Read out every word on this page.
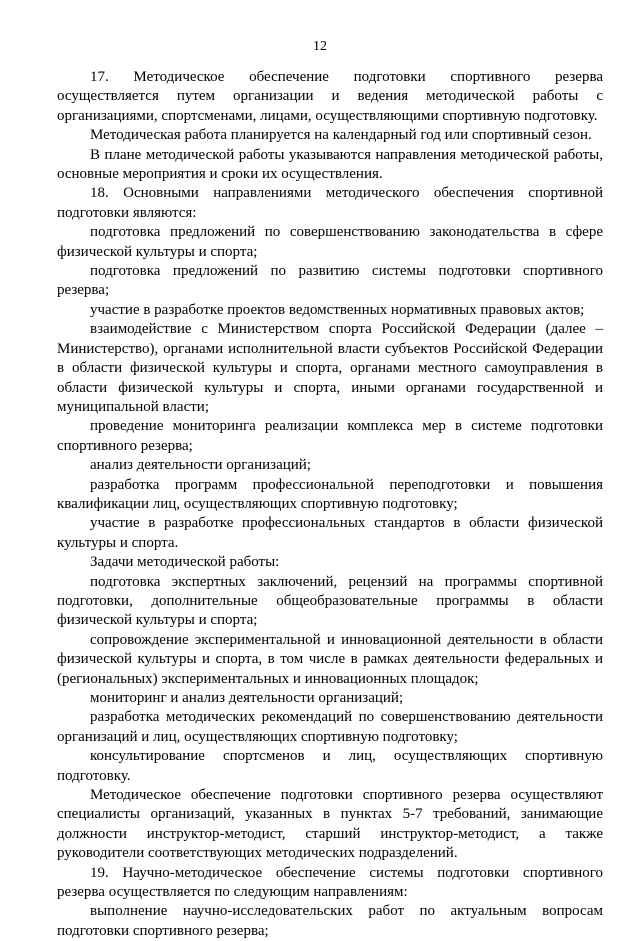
12

17. Методическое обеспечение подготовки спортивного резерва осуществляется путем организации и ведения методической работы с организациями, спортсменами, лицами, осуществляющими спортивную подготовку.

Методическая работа планируется на календарный год или спортивный сезон.

В плане методической работы указываются направления методической работы, основные мероприятия и сроки их осуществления.

18. Основными направлениями методического обеспечения спортивной подготовки являются:

подготовка предложений по совершенствованию законодательства в сфере физической культуры и спорта;

подготовка предложений по развитию системы подготовки спортивного резерва;

участие в разработке проектов ведомственных нормативных правовых актов;

взаимодействие с Министерством спорта Российской Федерации (далее – Министерство), органами исполнительной власти субъектов Российской Федерации в области физической культуры и спорта, органами местного самоуправления в области физической культуры и спорта, иными органами государственной и муниципальной власти;

проведение мониторинга реализации комплекса мер в системе подготовки спортивного резерва;

анализ деятельности организаций;

разработка программ профессиональной переподготовки и повышения квалификации лиц, осуществляющих спортивную подготовку;

участие в разработке профессиональных стандартов в области физической культуры и спорта.

Задачи методической работы:

подготовка экспертных заключений, рецензий на программы спортивной подготовки, дополнительные общеобразовательные программы в области физической культуры и спорта;

сопровождение экспериментальной и инновационной деятельности в области физической культуры и спорта, в том числе в рамках деятельности федеральных и (региональных) экспериментальных и инновационных площадок;

мониторинг и анализ деятельности организаций;

разработка методических рекомендаций по совершенствованию деятельности организаций и лиц, осуществляющих спортивную подготовку;

консультирование спортсменов и лиц, осуществляющих спортивную подготовку.

Методическое обеспечение подготовки спортивного резерва осуществляют специалисты организаций, указанных в пунктах 5-7 требований, занимающие должности инструктор-методист, старший инструктор-методист, а также руководители соответствующих методических подразделений.

19. Научно-методическое обеспечение системы подготовки спортивного резерва осуществляется по следующим направлениям:

выполнение научно-исследовательских работ по актуальным вопросам подготовки спортивного резерва;
